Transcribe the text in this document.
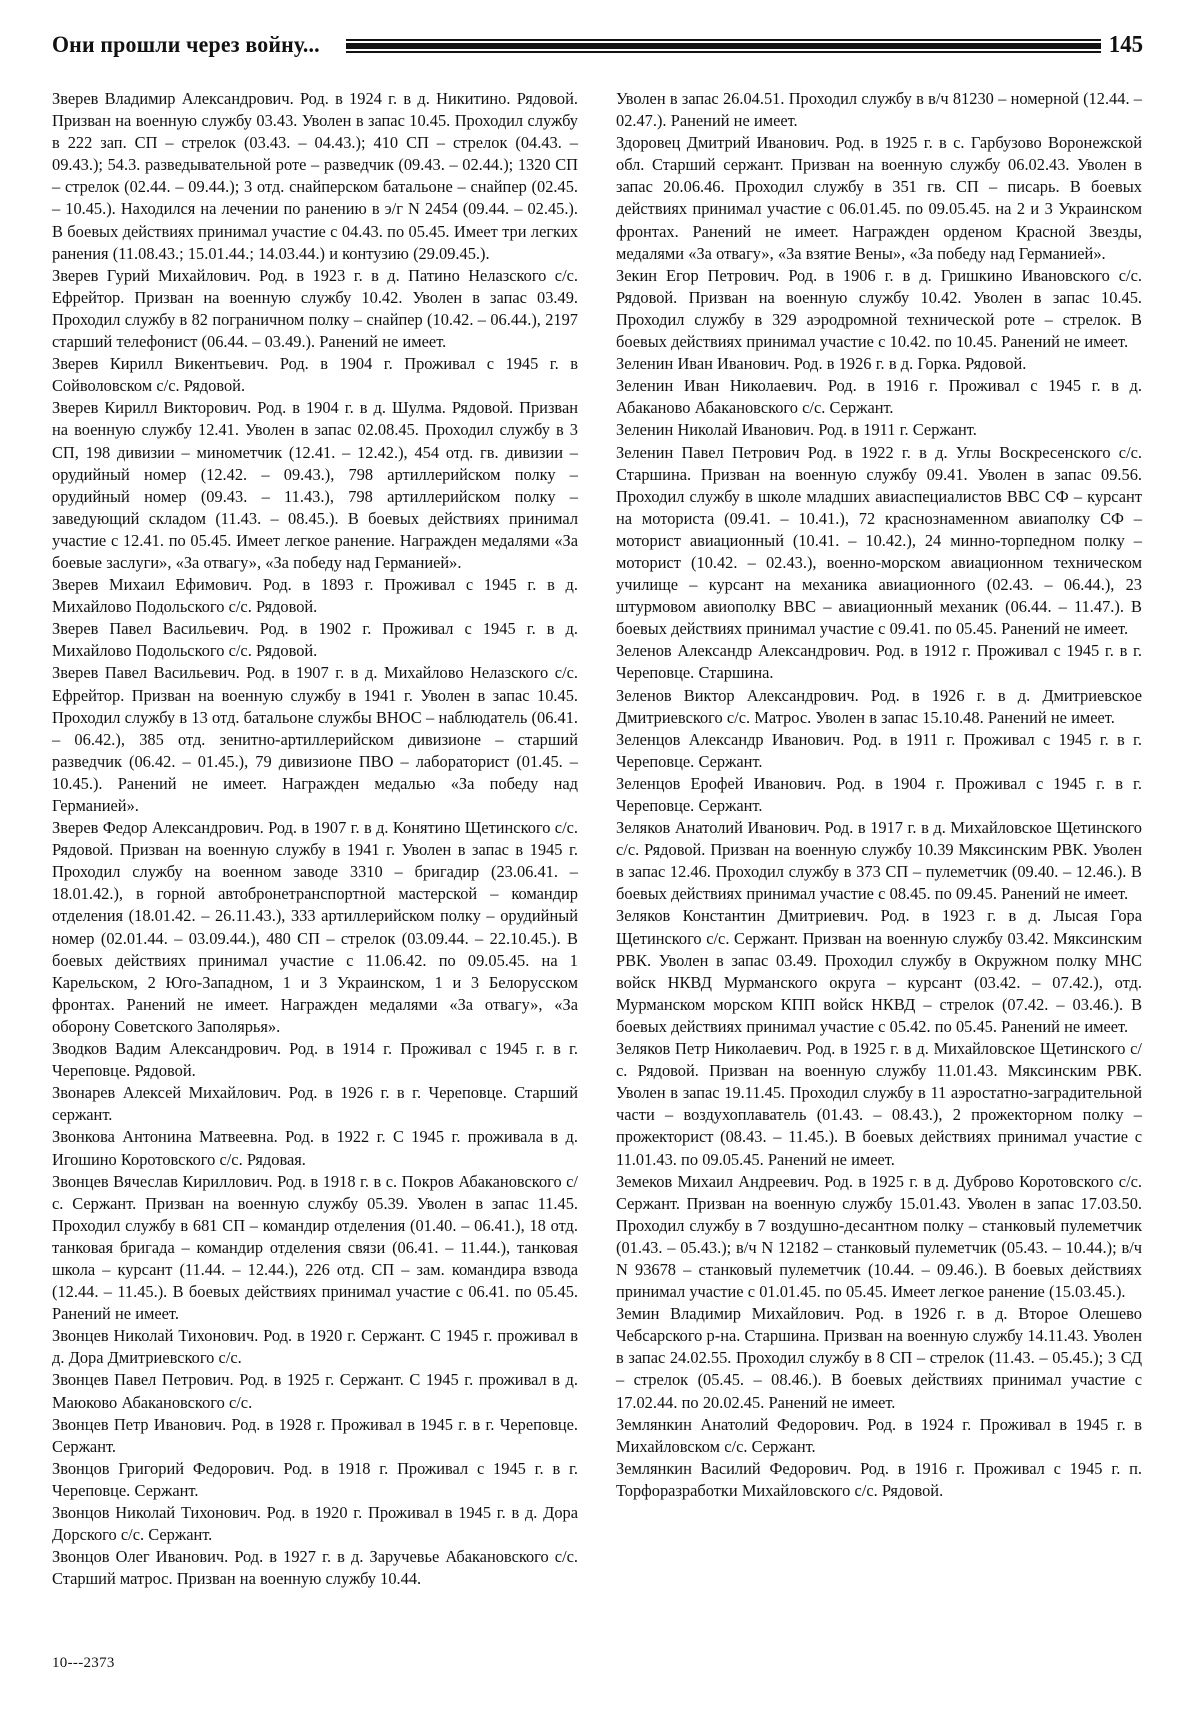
Они прошли через войну...	145

Зверев Владимир Александрович. Род. в 1924 г. в д. Никитино. Рядовой. Призван на военную службу 03.43. Уволен в запас 10.45. Проходил службу в 222 зап. СП – стрелок (03.43. – 04.43.); 410 СП – стрелок (04.43. – 09.43.); 54.3. разведывательной роте – разведчик (09.43. – 02.44.); 1320 СП – стрелок (02.44. – 09.44.); 3 отд. снайперском батальоне – снайпер (02.45. – 10.45.). Находился на лечении по ранению в э/г N 2454 (09.44. – 02.45.). В боевых действиях принимал участие с 04.43. по 05.45. Имеет три легких ранения (11.08.43.; 15.01.44.; 14.03.44.) и контузию (29.09.45.).

Зверев Гурий Михайлович. Род. в 1923 г. в д. Патино Нелазского с/с. Ефрейтор. Призван на военную службу 10.42. Уволен в запас 03.49. Проходил службу в 82 пограничном полку – снайпер (10.42. – 06.44.), 2197 старший телефонист (06.44. – 03.49.). Ранений не имеет.

Зверев Кирилл Викентьевич. Род. в 1904 г. Проживал с 1945 г. в Сойволовском с/с. Рядовой.

Зверев Кирилл Викторович. Род. в 1904 г. в д. Шулма. Рядовой. Призван на военную службу 12.41. Уволен в запас 02.08.45. Проходил службу в 3 СП, 198 дивизии – минометчик (12.41. – 12.42.), 454 отд. гв. дивизии – орудийный номер (12.42. – 09.43.), 798 артиллерийском полку – орудийный номер (09.43. – 11.43.), 798 артиллерийском полку – заведующий складом (11.43. – 08.45.). В боевых действиях принимал участие с 12.41. по 05.45. Имеет легкое ранение. Награжден медалями «За боевые заслуги», «За отвагу», «За победу над Германией».

Зверев Михаил Ефимович. Род. в 1893 г. Проживал с 1945 г. в д. Михайлово Подольского с/с. Рядовой.

Зверев Павел Васильевич. Род. в 1902 г. Проживал с 1945 г. в д. Михайлово Подольского с/с. Рядовой.

Зверев Павел Васильевич. Род. в 1907 г. в д. Михайлово Нелазского с/с. Ефрейтор. Призван на военную службу в 1941 г. Уволен в запас 10.45. Проходил службу в 13 отд. батальоне службы ВНОС – наблюдатель (06.41. – 06.42.), 385 отд. зенитно-артиллерийском дивизионе – старший разведчик (06.42. – 01.45.), 79 дивизионе ПВО – лабораторист (01.45. – 10.45.). Ранений не имеет. Награжден медалью «За победу над Германией».

Зверев Федор Александрович. Род. в 1907 г. в д. Конятино Щетинского с/с. Рядовой. Призван на военную службу в 1941 г. Уволен в запас в 1945 г. Проходил службу на военном заводе 3310 – бригадир (23.06.41. – 18.01.42.), в горной автобронетранспортной мастерской – командир отделения (18.01.42. – 26.11.43.), 333 артиллерийском полку – орудийный номер (02.01.44. – 03.09.44.), 480 СП – стрелок (03.09.44. – 22.10.45.). В боевых действиях принимал участие с 11.06.42. по 09.05.45. на 1 Карельском, 2 Юго-Западном, 1 и 3 Украинском, 1 и 3 Белорусском фронтах. Ранений не имеет. Награжден медалями «За отвагу», «За оборону Советского Заполярья».

Зводков Вадим Александрович. Род. в 1914 г. Проживал с 1945 г. в г. Череповце. Рядовой.

Звонарев Алексей Михайлович. Род. в 1926 г. в г. Череповце. Старший сержант.

Звонкова Антонина Матвеевна. Род. в 1922 г. С 1945 г. проживала в д. Игошино Коротовского с/с. Рядовая.

Звонцев Вячеслав Кириллович. Род. в 1918 г. в с. Покров Абакановского с/с. Сержант. Призван на военную службу 05.39. Уволен в запас 11.45. Проходил службу в 681 СП – командир отделения (01.40. – 06.41.), 18 отд. танковая бригада – командир отделения связи (06.41. – 11.44.), танковая школа – курсант (11.44. – 12.44.), 226 отд. СП – зам. командира взвода (12.44. – 11.45.). В боевых действиях принимал участие с 06.41. по 05.45. Ранений не имеет.

Звонцев Николай Тихонович. Род. в 1920 г. Сержант. С 1945 г. проживал в д. Дора Дмитриевского с/с.

Звонцев Павел Петрович. Род. в 1925 г. Сержант. С 1945 г. проживал в д. Маюково Абакановского с/с.

Звонцев Петр Иванович. Род. в 1928 г. Проживал в 1945 г. в г. Череповце. Сержант.

Звонцов Григорий Федорович. Род. в 1918 г. Проживал с 1945 г. в г. Череповце. Сержант.

Звонцов Николай Тихонович. Род. в 1920 г. Проживал в 1945 г. в д. Дора Дорского с/с. Сержант.

Звонцов Олег Иванович. Род. в 1927 г. в д. Заручевье Абакановского с/с. Старший матрос. Призван на военную службу 10.44.

Уволен в запас 26.04.51. Проходил службу в в/ч 81230 – номерной (12.44. – 02.47.). Ранений не имеет.

Здоровец Дмитрий Иванович. Род. в 1925 г. в с. Гарбузово Воронежской обл. Старший сержант. Призван на военную службу 06.02.43. Уволен в запас 20.06.46. Проходил службу в 351 гв. СП – писарь. В боевых действиях принимал участие с 06.01.45. по 09.05.45. на 2 и 3 Украинском фронтах. Ранений не имеет. Награжден орденом Красной Звезды, медалями «За отвагу», «За взятие Вены», «За победу над Германией».

Зекин Егор Петрович. Род. в 1906 г. в д. Гришкино Ивановского с/с. Рядовой. Призван на военную службу 10.42. Уволен в запас 10.45. Проходил службу в 329 аэродромной технической роте – стрелок. В боевых действиях принимал участие с 10.42. по 10.45. Ранений не имеет.

Зеленин Иван Иванович. Род. в 1926 г. в д. Горка. Рядовой.

Зеленин Иван Николаевич. Род. в 1916 г. Проживал с 1945 г. в д. Абаканово Абакановского с/с. Сержант.

Зеленин Николай Иванович. Род. в 1911 г. Сержант.

Зеленин Павел Петрович Род. в 1922 г. в д. Углы Воскресенского с/с. Старшина. Призван на военную службу 09.41. Уволен в запас 09.56. Проходил службу в школе младших авиаспециалистов ВВС СФ – курсант на моториста (09.41. – 10.41.), 72 краснознаменном авиаполку СФ – моторист авиационный (10.41. – 10.42.), 24 минно-торпедном полку – моторист (10.42. – 02.43.), военно-морском авиационном техническом училище – курсант на механика авиационного (02.43. – 06.44.), 23 штурмовом авиополку ВВС – авиационный механик (06.44. – 11.47.). В боевых действиях принимал участие с 09.41. по 05.45. Ранений не имеет.

Зеленов Александр Александрович. Род. в 1912 г. Проживал с 1945 г. в г. Череповце. Старшина.

Зеленов Виктор Александрович. Род. в 1926 г. в д. Дмитриевское Дмитриевского с/с. Матрос. Уволен в запас 15.10.48. Ранений не имеет.

Зеленцов Александр Иванович. Род. в 1911 г. Проживал с 1945 г. в г. Череповце. Сержант.

Зеленцов Ерофей Иванович. Род. в 1904 г. Проживал с 1945 г. в г. Череповце. Сержант.

Зеляков Анатолий Иванович. Род. в 1917 г. в д. Михайловское Щетинского с/с. Рядовой. Призван на военную службу 10.39 Мяксинским РВК. Уволен в запас 12.46. Проходил службу в 373 СП – пулеметчик (09.40. – 12.46.). В боевых действиях принимал участие с 08.45. по 09.45. Ранений не имеет.

Зеляков Константин Дмитриевич. Род. в 1923 г. в д. Лысая Гора Щетинского с/с. Сержант. Призван на военную службу 03.42. Мяксинским РВК. Уволен в запас 03.49. Проходил службу в Окружном полку МНС войск НКВД Мурманского округа – курсант (03.42. – 07.42.), отд. Мурманском морском КПП войск НКВД – стрелок (07.42. – 03.46.). В боевых действиях принимал участие с 05.42. по 05.45. Ранений не имеет.

Зеляков Петр Николаевич. Род. в 1925 г. в д. Михайловское Щетинского с/с. Рядовой. Призван на военную службу 11.01.43. Мяксинским РВК. Уволен в запас 19.11.45. Проходил службу в 11 аэростатно-заградительной части – воздухоплаватель (01.43. – 08.43.), 2 прожекторном полку – прожекторист (08.43. – 11.45.). В боевых действиях принимал участие с 11.01.43. по 09.05.45. Ранений не имеет.

Земеков Михаил Андреевич. Род. в 1925 г. в д. Дуброво Коротовского с/с. Сержант. Призван на военную службу 15.01.43. Уволен в запас 17.03.50. Проходил службу в 7 воздушно-десантном полку – станковый пулеметчик (01.43. – 05.43.); в/ч N 12182 – станковый пулеметчик (05.43. – 10.44.); в/ч N 93678 – станковый пулеметчик (10.44. – 09.46.). В боевых действиях принимал участие с 01.01.45. по 05.45. Имеет легкое ранение (15.03.45.).

Земин Владимир Михайлович. Род. в 1926 г. в д. Второе Олешево Чебсарского р-на. Старшина. Призван на военную службу 14.11.43. Уволен в запас 24.02.55. Проходил службу в 8 СП – стрелок (11.43. – 05.45.); 3 СД – стрелок (05.45. – 08.46.). В боевых действиях принимал участие с 17.02.44. по 20.02.45. Ранений не имеет.

Землянкин Анатолий Федорович. Род. в 1924 г. Проживал в 1945 г. в Михайловском с/с. Сержант.

Землянкин Василий Федорович. Род. в 1916 г. Проживал с 1945 г. п. Торфоразработки Михайловского с/с. Рядовой.

10---2373
